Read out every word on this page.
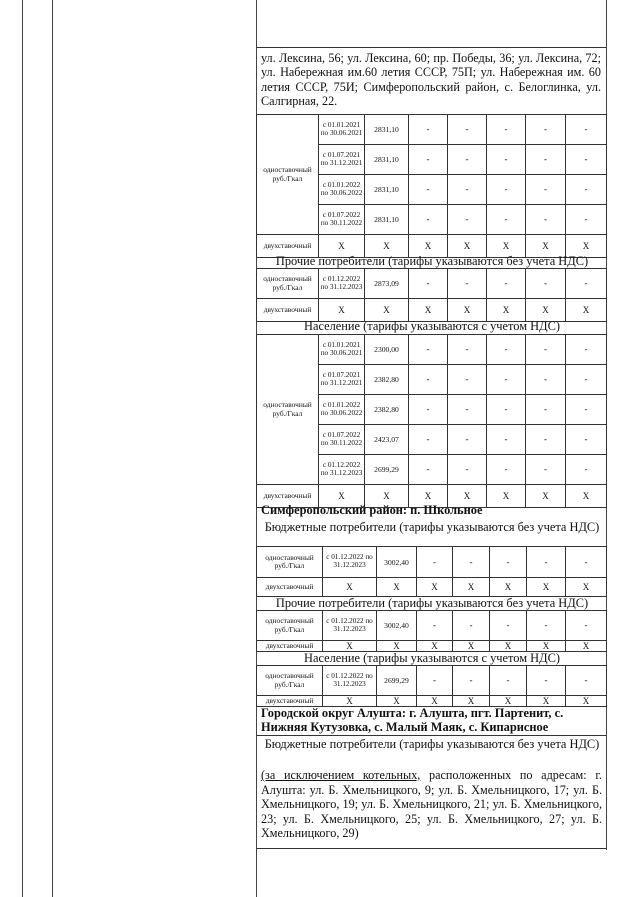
ул. Лексина, 56; ул. Лексина, 60; пр. Победы, 36; ул. Лексина, 72; ул. Набережная им.60 летия СССР, 75П; ул. Набережная им. 60 летия СССР, 75И; Симферопольский район, с. Белоглинка, ул. Салгирная, 22.
одноставочный руб./Гкал	с 01.01.2021 по 30.06.2021	2831,10	-	-	-	-	-
	с 01.07.2021 по 31.12.2021	2831,10	-	-	-	-	-
	с 01.01.2022 по 30.06.2022	2831,10	-	-	-	-	-
	с 01.07.2022 по 30.11.2022	2831,10	-	-	-	-	-
двухставочный	X	X	X	X	X	X	X
Прочие потребители (тарифы указываются без учета НДС)
одноставочный руб./Гкал	с 01.12.2022 по 31.12.2023	2873,09	-	-	-	-	-
двухставочный	X	X	X	X	X	X	X
Население (тарифы указываются с учетом НДС)
одноставочный руб./Гкал	с 01.01.2021 по 30.06.2021	2300,00	-	-	-	-	-
	с 01.07.2021 по 31.12.2021	2382,80	-	-	-	-	-
	с 01.01.2022 по 30.06.2022	2382,80	-	-	-	-	-
	с 01.07.2022 по 30.11.2022	2423,07	-	-	-	-	-
	с 01.12.2022 по 31.12.2023	2699,29	-	-	-	-	-
двухставочный	X	X	X	X	X	X	X
Симферопольский район: п. Школьное
Бюджетные потребители (тарифы указываются без учета НДС)
одноставочный руб./Гкал	с 01.12.2022 по 31.12.2023	3002,40	-	-	-	-	-
двухставочный	X	X	X	X	X	X	X
Прочие потребители (тарифы указываются без учета НДС)
одноставочный руб./Гкал	с 01.12.2022 по 31.12.2023	3002,40	-	-	-	-	-
двухставочный	X	X	X	X	X	X	X
Население (тарифы указываются с учетом НДС)
одноставочный руб./Гкал	с 01.12.2022 по 31.12.2023	2699,29	-	-	-	-	-
двухставочный	X	X	X	X	X	X	X
Городской округ Алушта: г. Алушта, пгт. Партенит, с. Нижняя Кутузовка, с. Малый Маяк, с. Кипарисное
Бюджетные потребители (тарифы указываются без учета НДС)
(за исключением котельных, расположенных по адресам: г. Алушта: ул. Б. Хмельницкого, 9; ул. Б. Хмельницкого, 17; ул. Б. Хмельницкого, 19; ул. Б. Хмельницкого, 21; ул. Б. Хмельницкого, 23; ул. Б. Хмельницкого, 25; ул. Б. Хмельницкого, 27; ул. Б. Хмельницкого, 29)
